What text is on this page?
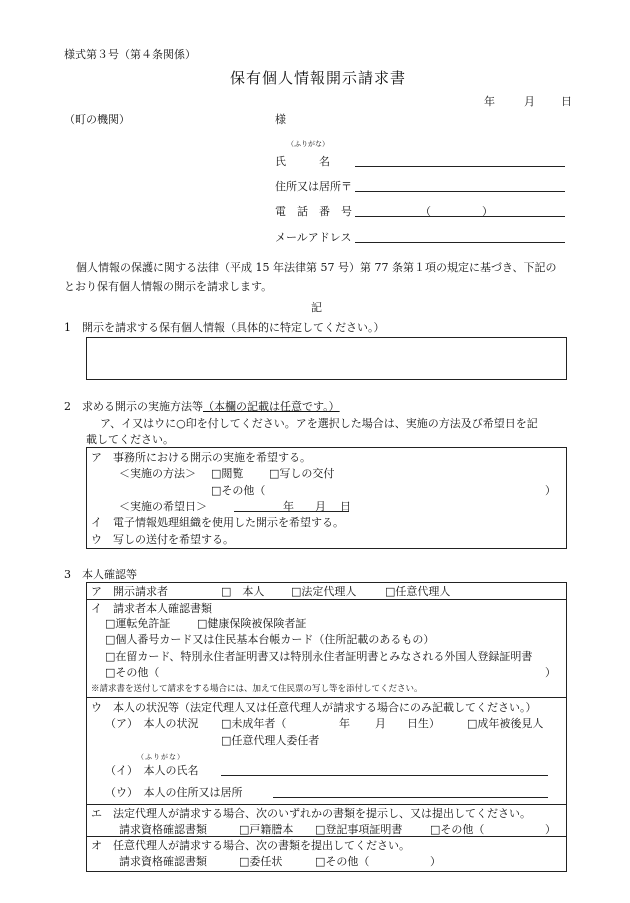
様式第３号（第４条関係）
保有個人情報開示請求書
年	月 日
（町の機関）	様
（ふりがな）
氏　　　名
住所又は居所〒
電　話　番　号	（	）
メールアドレス
個人情報の保護に関する法律（平成 15 年法律第 57 号）第 77 条第１項の規定に基づき、下記の
とおり保有個人情報の開示を請求します。
記
1　開示を請求する保有個人情報（具体的に特定してください。）
2　求める開示の実施方法等（本欄の記載は任意です。）
ア、イ又はウに○印を付してください。アを選択した場合は、実施の方法及び希望日を記
載してください。
ア　事務所における開示の実施を希望する。
＜実施の方法＞ □閲覧 □写しの交付
□その他（	）
＜実施の希望日＞	年 月 日
イ　電子情報処理組織を使用した開示を希望する。
ウ　写しの送付を希望する。
3　本人確認等
ア　開示請求者	□　本人 □法定代理人	□任意代理人
イ　請求者本人確認書類
□運転免許証 □健康保険被保険者証
□個人番号カード又は住民基本台帳カード（住所記載のあるもの）
□在留カード、特別永住者証明書又は特別永住者証明書とみなされる外国人登録証明書
□その他（	）
※請求書を送付して請求をする場合には、加えて住民票の写し等を添付してください。
ウ　本人の状況等（法定代理人又は任意代理人が請求する場合にのみ記載してください。）
（ア）　本人の状況 □未成年者（	年 月 日生） □成年被後見人
□任意代理人委任者
（ふりがな）
（イ）　本人の氏名
（ウ）　本人の住所又は居所
エ　法定代理人が請求する場合、次のいずれかの書類を提示し、又は提出してください。
請求資格確認書類	□戸籍謄本 □登記事項証明書	□その他（	）
オ　任意代理人が請求する場合、次の書類を提出してください。
請求資格確認書類	□委任状	□その他（	）
